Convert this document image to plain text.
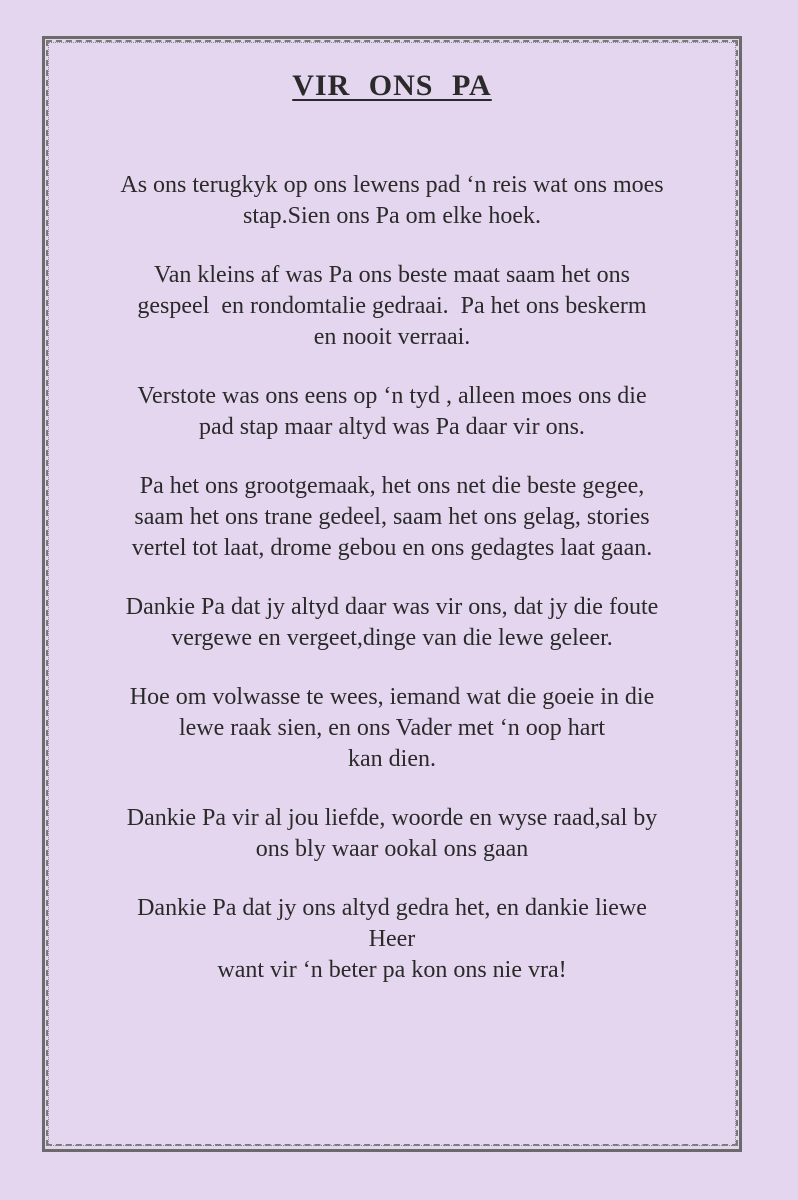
VIR ONS PA
As ons terugkyk op ons lewens pad ‘n reis wat ons moes
stap.Sien ons Pa om elke hoek.
Van kleins af was Pa ons beste maat saam het ons
gespeel  en rondomtalie gedraai.  Pa het ons beskerm
en nooit verraai.
Verstote was ons eens op ‘n tyd , alleen moes ons die
pad stap maar altyd was Pa daar vir ons.
Pa het ons grootgemaak, het ons net die beste gegee,
saam het ons trane gedeel, saam het ons gelag, stories
vertel tot laat, drome gebou en ons gedagtes laat gaan.
Dankie Pa dat jy altyd daar was vir ons, dat jy die foute
vergewe en vergeet,dinge van die lewe geleer.
Hoe om volwasse te wees, iemand wat die goeie in die
lewe raak sien, en ons Vader met ‘n oop hart
kan dien.
Dankie Pa vir al jou liefde, woorde en wyse raad,sal by
ons bly waar ookal ons gaan
Dankie Pa dat jy ons altyd gedra het, en dankie liewe
Heer
want vir ‘n beter pa kon ons nie vra!
